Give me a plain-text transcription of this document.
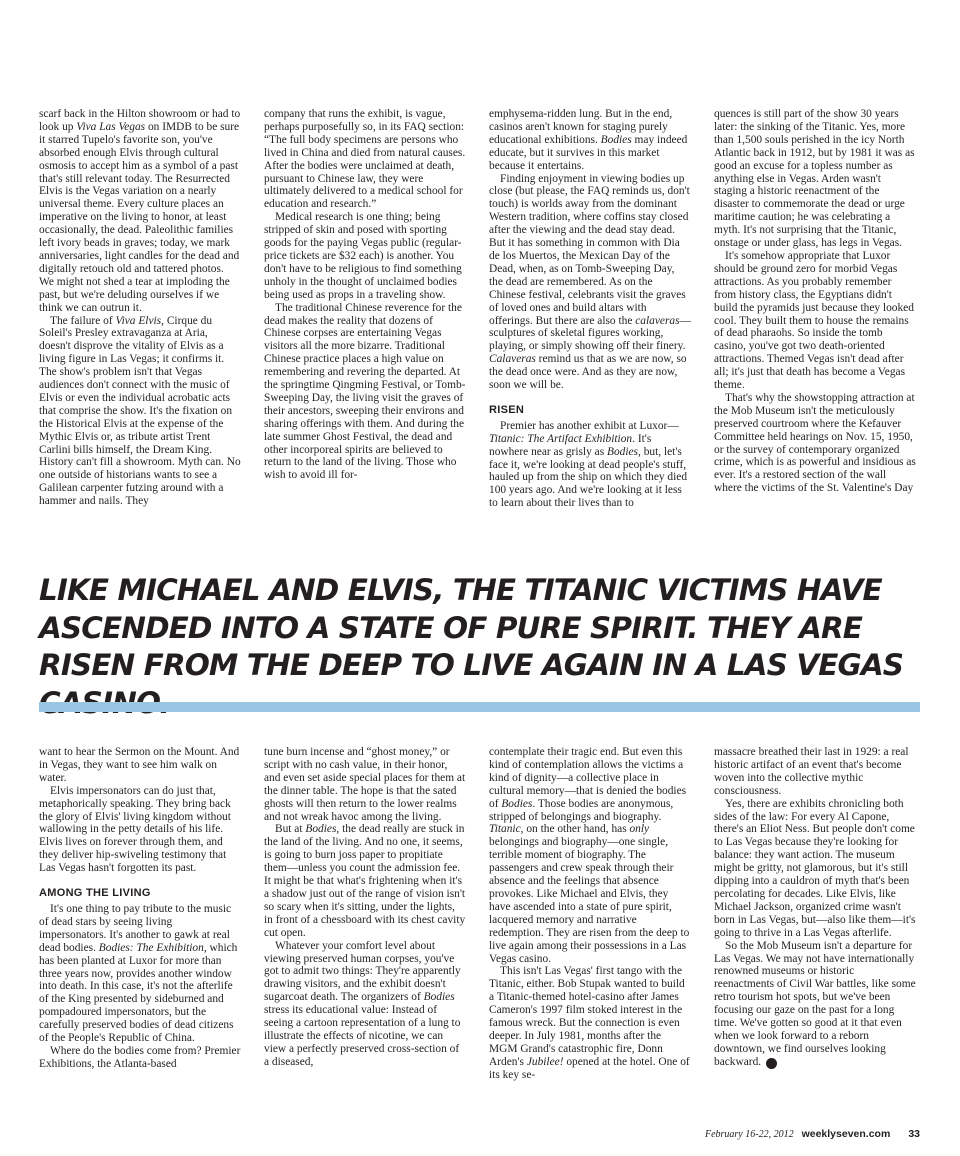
scarf back in the Hilton showroom or had to look up Viva Las Vegas on IMDB to be sure it starred Tupelo's favorite son, you've absorbed enough Elvis through cultural osmosis to accept him as a symbol of a past that's still relevant today. The Resurrected Elvis is the Vegas variation on a nearly universal theme. Every culture places an imperative on the living to honor, at least occasionally, the dead. Paleolithic families left ivory beads in graves; today, we mark anniversaries, light candles for the dead and digitally retouch old and tattered photos. We might not shed a tear at imploding the past, but we're deluding ourselves if we think we can outrun it.

The failure of Viva Elvis, Cirque du Soleil's Presley extravaganza at Aria, doesn't disprove the vitality of Elvis as a living figure in Las Vegas; it confirms it. The show's problem isn't that Vegas audiences don't connect with the music of Elvis or even the individual acrobatic acts that comprise the show. It's the fixation on the Historical Elvis at the expense of the Mythic Elvis or, as tribute artist Trent Carlini bills himself, the Dream King. History can't fill a showroom. Myth can. No one outside of historians wants to see a Galilean carpenter futzing around with a hammer and nails. They

company that runs the exhibit, is vague, perhaps purposefully so, in its FAQ section: “The full body specimens are persons who lived in China and died from natural causes. After the bodies were unclaimed at death, pursuant to Chinese law, they were ultimately delivered to a medical school for education and research.”

Medical research is one thing; being stripped of skin and posed with sporting goods for the paying Vegas public (regular-price tickets are $32 each) is another. You don't have to be religious to find something unholy in the thought of unclaimed bodies being used as props in a traveling show.

The traditional Chinese reverence for the dead makes the reality that dozens of Chinese corpses are entertaining Vegas visitors all the more bizarre. Traditional Chinese practice places a high value on remembering and revering the departed. At the springtime Qingming Festival, or Tomb-Sweeping Day, the living visit the graves of their ancestors, sweeping their environs and sharing offerings with them. And during the late summer Ghost Festival, the dead and other incorporeal spirits are believed to return to the land of the living. Those who wish to avoid ill for-

emphysema-ridden lung. But in the end, casinos aren't known for staging purely educational exhibitions. Bodies may indeed educate, but it survives in this market because it entertains.

Finding enjoyment in viewing bodies up close (but please, the FAQ reminds us, don't touch) is worlds away from the dominant Western tradition, where coffins stay closed after the viewing and the dead stay dead. But it has something in common with Dia de los Muertos, the Mexican Day of the Dead, when, as on Tomb-Sweeping Day, the dead are remembered. As on the Chinese festival, celebrants visit the graves of loved ones and build altars with offerings. But there are also the calaveras—sculptures of skeletal figures working, playing, or simply showing off their finery. Calaveras remind us that as we are now, so the dead once were. And as they are now, soon we will be.

RISEN

Premier has another exhibit at Luxor—Titanic: The Artifact Exhibition. It's nowhere near as grisly as Bodies, but, let's face it, we're looking at dead people's stuff, hauled up from the ship on which they died 100 years ago. And we're looking at it less to learn about their lives than to

quences is still part of the show 30 years later: the sinking of the Titanic. Yes, more than 1,500 souls perished in the icy North Atlantic back in 1912, but by 1981 it was as good an excuse for a topless number as anything else in Vegas. Arden wasn't staging a historic reenactment of the disaster to commemorate the dead or urge maritime caution; he was celebrating a myth. It's not surprising that the Titanic, onstage or under glass, has legs in Vegas.

It's somehow appropriate that Luxor should be ground zero for morbid Vegas attractions. As you probably remember from history class, the Egyptians didn't build the pyramids just because they looked cool. They built them to house the remains of dead pharaohs. So inside the tomb casino, you've got two death-oriented attractions. Themed Vegas isn't dead after all; it's just that death has become a Vegas theme.

That's why the showstopping attraction at the Mob Museum isn't the meticulously preserved courtroom where the Kefauver Committee held hearings on Nov. 15, 1950, or the survey of contemporary organized crime, which is as powerful and insidious as ever. It's a restored section of the wall where the victims of the St. Valentine's Day

LIKE MICHAEL AND ELVIS, THE TITANIC VICTIMS HAVE ASCENDED INTO A STATE OF PURE SPIRIT. THEY ARE RISEN FROM THE DEEP TO LIVE AGAIN IN A LAS VEGAS

want to hear the Sermon on the Mount. And in Vegas, they want to see him walk on water.

Elvis impersonators can do just that, metaphorically speaking. They bring back the glory of Elvis' living kingdom without wallowing in the petty details of his life. Elvis lives on forever through them, and they deliver hip-swiveling testimony that Las Vegas hasn't forgotten its past.

AMONG THE LIVING

It's one thing to pay tribute to the music of dead stars by seeing living impersonators. It's another to gawk at real dead bodies. Bodies: The Exhibition, which has been planted at Luxor for more than three years now, provides another window into death. In this case, it's not the afterlife of the King presented by sideburned and pompadoured impersonators, but the carefully preserved bodies of dead citizens of the People's Republic of China.

Where do the bodies come from? Premier Exhibitions, the Atlanta-based

tune burn incense and “ghost money,” or script with no cash value, in their honor, and even set aside special places for them at the dinner table. The hope is that the sated ghosts will then return to the lower realms and not wreak havoc among the living.

But at Bodies, the dead really are stuck in the land of the living. And no one, it seems, is going to burn joss paper to propitiate them—unless you count the admission fee. It might be that what's frightening when it's a shadow just out of the range of vision isn't so scary when it's sitting, under the lights, in front of a chessboard with its chest cavity cut open.

Whatever your comfort level about viewing preserved human corpses, you've got to admit two things: They're apparently drawing visitors, and the exhibit doesn't sugarcoat death. The organizers of Bodies stress its educational value: Instead of seeing a cartoon representation of a lung to illustrate the effects of nicotine, we can view a perfectly preserved cross-section of a diseased,

contemplate their tragic end. But even this kind of contemplation allows the victims a kind of dignity—a collective place in cultural memory—that is denied the bodies of Bodies. Those bodies are anonymous, stripped of belongings and biography. Titanic, on the other hand, has only belongings and biography—one single, terrible moment of biography. The passengers and crew speak through their absence and the feelings that absence provokes. Like Michael and Elvis, they have ascended into a state of pure spirit, lacquered memory and narrative redemption. They are risen from the deep to live again among their possessions in a Las Vegas casino.

This isn't Las Vegas' first tango with the Titanic, either. Bob Stupak wanted to build a Titanic-themed hotel-casino after James Cameron's 1997 film stoked interest in the famous wreck. But the connection is even deeper. In July 1981, months after the MGM Grand's catastrophic fire, Donn Arden's Jubilee! opened at the hotel. One of its key se-

massacre breathed their last in 1929: a real historic artifact of an event that's become woven into the collective mythic consciousness.

Yes, there are exhibits chronicling both sides of the law: For every Al Capone, there's an Eliot Ness. But people don't come to Las Vegas because they're looking for balance: they want action. The museum might be gritty, not glamorous, but it's still dipping into a cauldron of myth that's been percolating for decades. Like Elvis, like Michael Jackson, organized crime wasn't born in Las Vegas, but—also like them—it's going to thrive in a Las Vegas afterlife.

So the Mob Museum isn't a departure for Las Vegas. We may not have internationally renowned museums or historic reenactments of Civil War battles, like some retro tourism hot spots, but we've been focusing our gaze on the past for a long time. We've gotten so good at it that even when we look forward to a reborn downtown, we find ourselves looking backward. 7

February 16-22, 2012 weeklyseven.com 33
